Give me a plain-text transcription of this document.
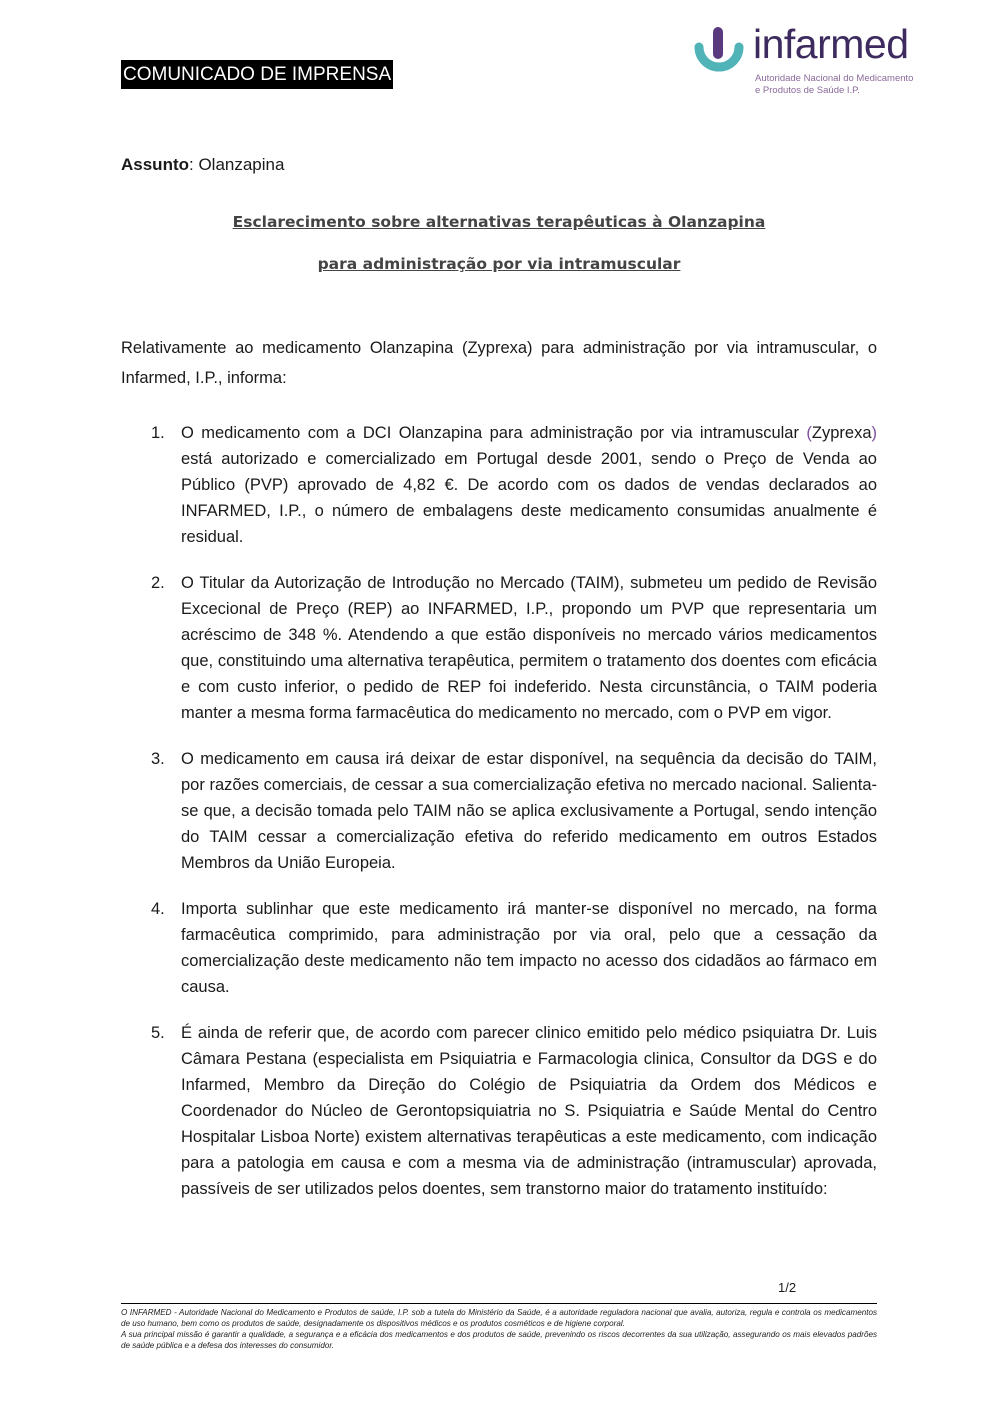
COMUNICADO DE IMPRENSA
infarmed
Autoridade Nacional do Medicamento
e Produtos de Saúde I.P.
Assunto: Olanzapina
Esclarecimento sobre alternativas terapêuticas à Olanzapina
para administração por via intramuscular

Relativamente ao medicamento Olanzapina (Zyprexa) para administração por via intramuscular, o Infarmed, I.P., informa:

1. O medicamento com a DCI Olanzapina para administração por via intramuscular (Zyprexa) está autorizado e comercializado em Portugal desde 2001, sendo o Preço de Venda ao Público (PVP) aprovado de 4,82 €. De acordo com os dados de vendas declarados ao INFARMED, I.P., o número de embalagens deste medicamento consumidas anualmente é residual.
2. O Titular da Autorização de Introdução no Mercado (TAIM), submeteu um pedido de Revisão Excecional de Preço (REP) ao INFARMED, I.P., propondo um PVP que representaria um acréscimo de 348 %. Atendendo a que estão disponíveis no mercado vários medicamentos que, constituindo uma alternativa terapêutica, permitem o tratamento dos doentes com eficácia e com custo inferior, o pedido de REP foi indeferido. Nesta circunstância, o TAIM poderia manter a mesma forma farmacêutica do medicamento no mercado, com o PVP em vigor.
3. O medicamento em causa irá deixar de estar disponível, na sequência da decisão do TAIM, por razões comerciais, de cessar a sua comercialização efetiva no mercado nacional. Salienta-se que, a decisão tomada pelo TAIM não se aplica exclusivamente a Portugal, sendo intenção do TAIM cessar a comercialização efetiva do referido medicamento em outros Estados Membros da União Europeia.
4. Importa sublinhar que este medicamento irá manter-se disponível no mercado, na forma farmacêutica comprimido, para administração por via oral, pelo que a cessação da comercialização deste medicamento não tem impacto no acesso dos cidadãos ao fármaco em causa.
5. É ainda de referir que, de acordo com parecer clinico emitido pelo médico psiquiatra Dr. Luis Câmara Pestana (especialista em Psiquiatria e Farmacologia clinica, Consultor da DGS e do Infarmed, Membro da Direção do Colégio de Psiquiatria da Ordem dos Médicos e Coordenador do Núcleo de Gerontopsiquiatria no S. Psiquiatria e Saúde Mental do Centro Hospitalar Lisboa Norte) existem alternativas terapêuticas a este medicamento, com indicação para a patologia em causa e com a mesma via de administração (intramuscular) aprovada, passíveis de ser utilizados pelos doentes, sem transtorno maior do tratamento instituído:
1/2

O INFARMED - Autoridade Nacional do Medicamento e Produtos de saúde, I.P. sob a tutela do Ministério da Saúde, é a autoridade reguladora nacional que avalia, autoriza, regula e controla os medicamentos de uso humano, bem como os produtos de saúde, designadamente os dispositivos médicos e os produtos cosméticos e de higiene corporal.

A sua principal missão é garantir a qualidade, a segurança e a eficácia dos medicamentos e dos produtos de saúde, prevenindo os riscos decorrentes da sua utilização, assegurando os mais elevados padrões de saúde pública e a defesa dos interesses do consumidor.
